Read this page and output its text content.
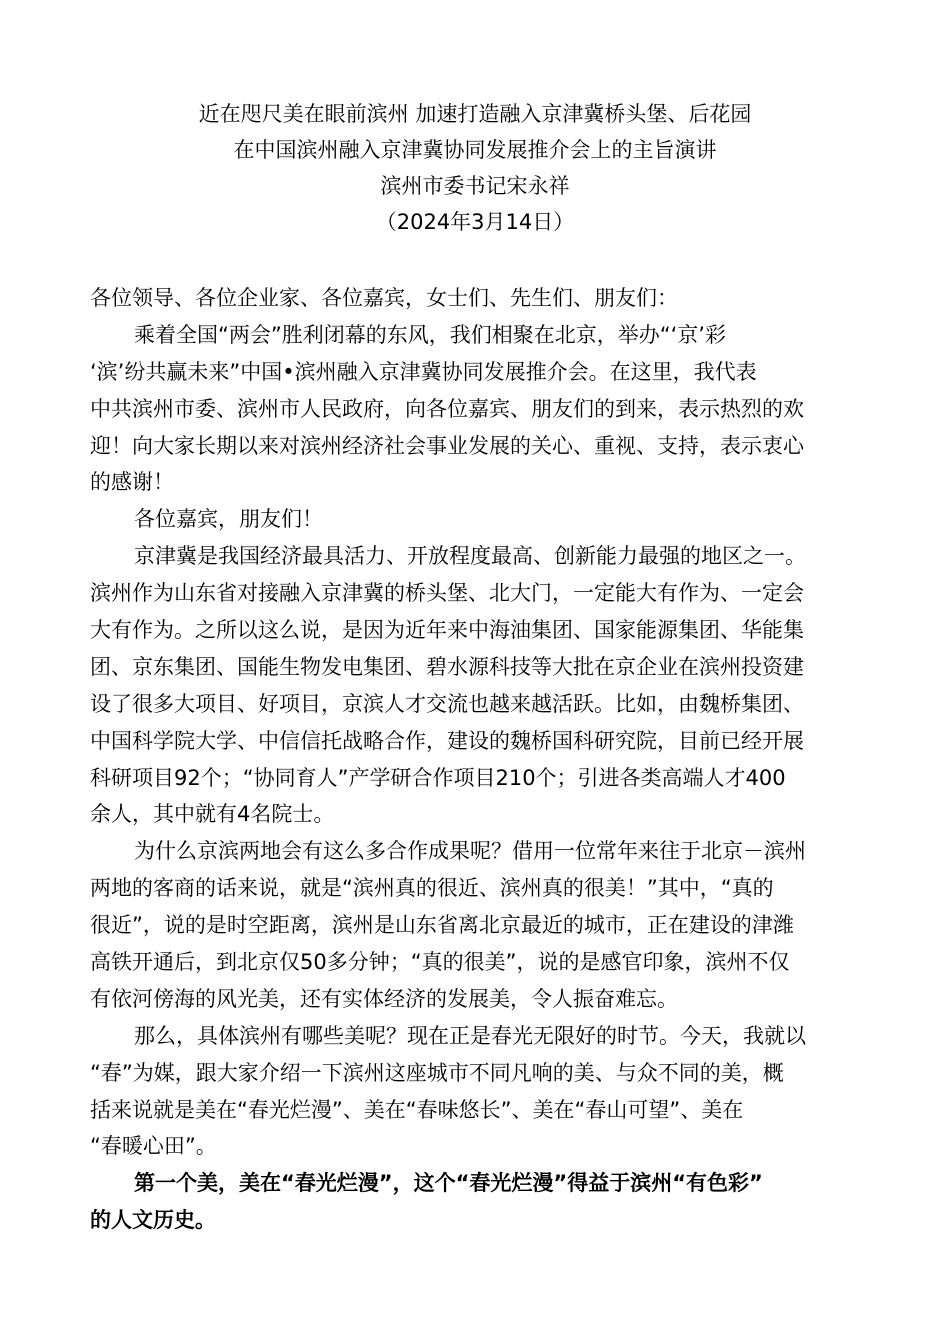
近在咫尺美在眼前滨州 加速打造融入京津冀桥头堡、后花园
在中国滨州融入京津冀协同发展推介会上的主旨演讲
滨州市委书记宋永祥
（2024年3月14日）
各位领导、各位企业家、各位嘉宾，女士们、先生们、朋友们：
乘着全国“两会”胜利闭幕的东风，我们相聚在北京，举办“‘京’彩
‘滨’纷共赢未来”中国•滨州融入京津冀协同发展推介会。在这里，我代表
中共滨州市委、滨州市人民政府，向各位嘉宾、朋友们的到来，表示热烈的欢
迎！向大家长期以来对滨州经济社会事业发展的关心、重视、支持，表示衷心
的感谢！
各位嘉宾，朋友们！
京津冀是我国经济最具活力、开放程度最高、创新能力最强的地区之一。
滨州作为山东省对接融入京津冀的桥头堡、北大门，一定能大有作为、一定会
大有作为。之所以这么说，是因为近年来中海油集团、国家能源集团、华能集
团、京东集团、国能生物发电集团、碧水源科技等大批在京企业在滨州投资建
设了很多大项目、好项目，京滨人才交流也越来越活跃。比如，由魏桥集团、
中国科学院大学、中信信托战略合作，建设的魏桥国科研究院，目前已经开展
科研项目92个；“协同育人”产学研合作项目210个；引进各类高端人才400
余人，其中就有4名院士。
为什么京滨两地会有这么多合作成果呢？借用一位常年来往于北京－滨州
两地的客商的话来说，就是“滨州真的很近、滨州真的很美！”其中，“真的
很近”，说的是时空距离，滨州是山东省离北京最近的城市，正在建设的津潍
高铁开通后，到北京仅50多分钟；“真的很美”，说的是感官印象，滨州不仅
有依河傍海的风光美，还有实体经济的发展美，令人振奋难忘。
那么，具体滨州有哪些美呢？现在正是春光无限好的时节。今天，我就以
“春”为媒，跟大家介绍一下滨州这座城市不同凡响的美、与众不同的美，概
括来说就是美在“春光烂漫”、美在“春味悠长”、美在“春山可望”、美在
“春暖心田”。
第一个美，美在“春光烂漫”，这个“春光烂漫”得益于滨州“有色彩”
的人文历史。
